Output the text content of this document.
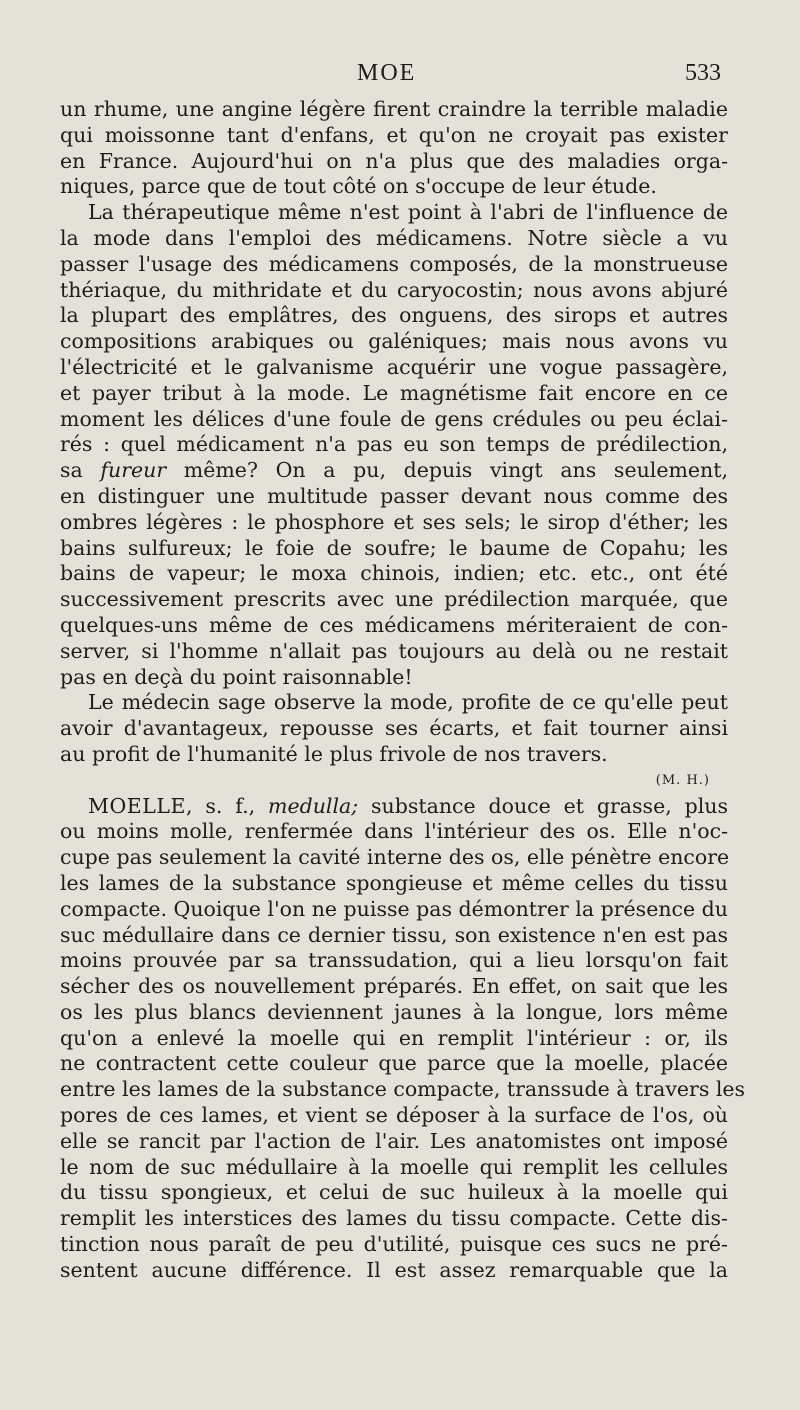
MOE	533
un rhume, une angine légère firent craindre la terrible maladie
qui moissonne tant d'enfans, et qu'on ne croyait pas exister
en France. Aujourd'hui on n'a plus que des maladies orga-
niques, parce que de tout côté on s'occupe de leur étude.
La thérapeutique même n'est point à l'abri de l'influence de
la mode dans l'emploi des médicamens. Notre siècle a vu
passer l'usage des médicamens composés, de la monstrueuse
thériaque, du mithridate et du caryocostin; nous avons abjuré
la plupart des emplâtres, des onguens, des sirops et autres
compositions arabiques ou galéniques; mais nous avons vu
l'électricité et le galvanisme acquérir une vogue passagère,
et payer tribut à la mode. Le magnétisme fait encore en ce
moment les délices d'une foule de gens crédules ou peu éclai-
rés : quel médicament n'a pas eu son temps de prédilection,
sa fureur même? On a pu, depuis vingt ans seulement,
en distinguer une multitude passer devant nous comme des
ombres légères : le phosphore et ses sels; le sirop d'éther; les
bains sulfureux; le foie de soufre; le baume de Copahu; les
bains de vapeur; le moxa chinois, indien; etc. etc., ont été
successivement prescrits avec une prédilection marquée, que
quelques-uns même de ces médicamens mériteraient de con-
server, si l'homme n'allait pas toujours au delà ou ne restait
pas en deçà du point raisonnable!
Le médecin sage observe la mode, profite de ce qu'elle peut
avoir d'avantageux, repousse ses écarts, et fait tourner ainsi
au profit de l'humanité le plus frivole de nos travers.
(M. H.)
MOELLE, s. f., medulla; substance douce et grasse, plus
ou moins molle, renfermée dans l'intérieur des os. Elle n'oc-
cupe pas seulement la cavité interne des os, elle pénètre encore
les lames de la substance spongieuse et même celles du tissu
compacte. Quoique l'on ne puisse pas démontrer la présence du
suc médullaire dans ce dernier tissu, son existence n'en est pas
moins prouvée par sa transsudation, qui a lieu lorsqu'on fait
sécher des os nouvellement préparés. En effet, on sait que les
os les plus blancs deviennent jaunes à la longue, lors même
qu'on a enlevé la moelle qui en remplit l'intérieur : or, ils
ne contractent cette couleur que parce que la moelle, placée
entre les lames de la substance compacte, transsude à travers les
pores de ces lames, et vient se déposer à la surface de l'os, où
elle se rancit par l'action de l'air. Les anatomistes ont imposé
le nom de suc médullaire à la moelle qui remplit les cellules
du tissu spongieux, et celui de suc huileux à la moelle qui
remplit les interstices des lames du tissu compacte. Cette dis-
tinction nous paraît de peu d'utilité, puisque ces sucs ne pré-
sentent aucune différence. Il est assez remarquable que la
